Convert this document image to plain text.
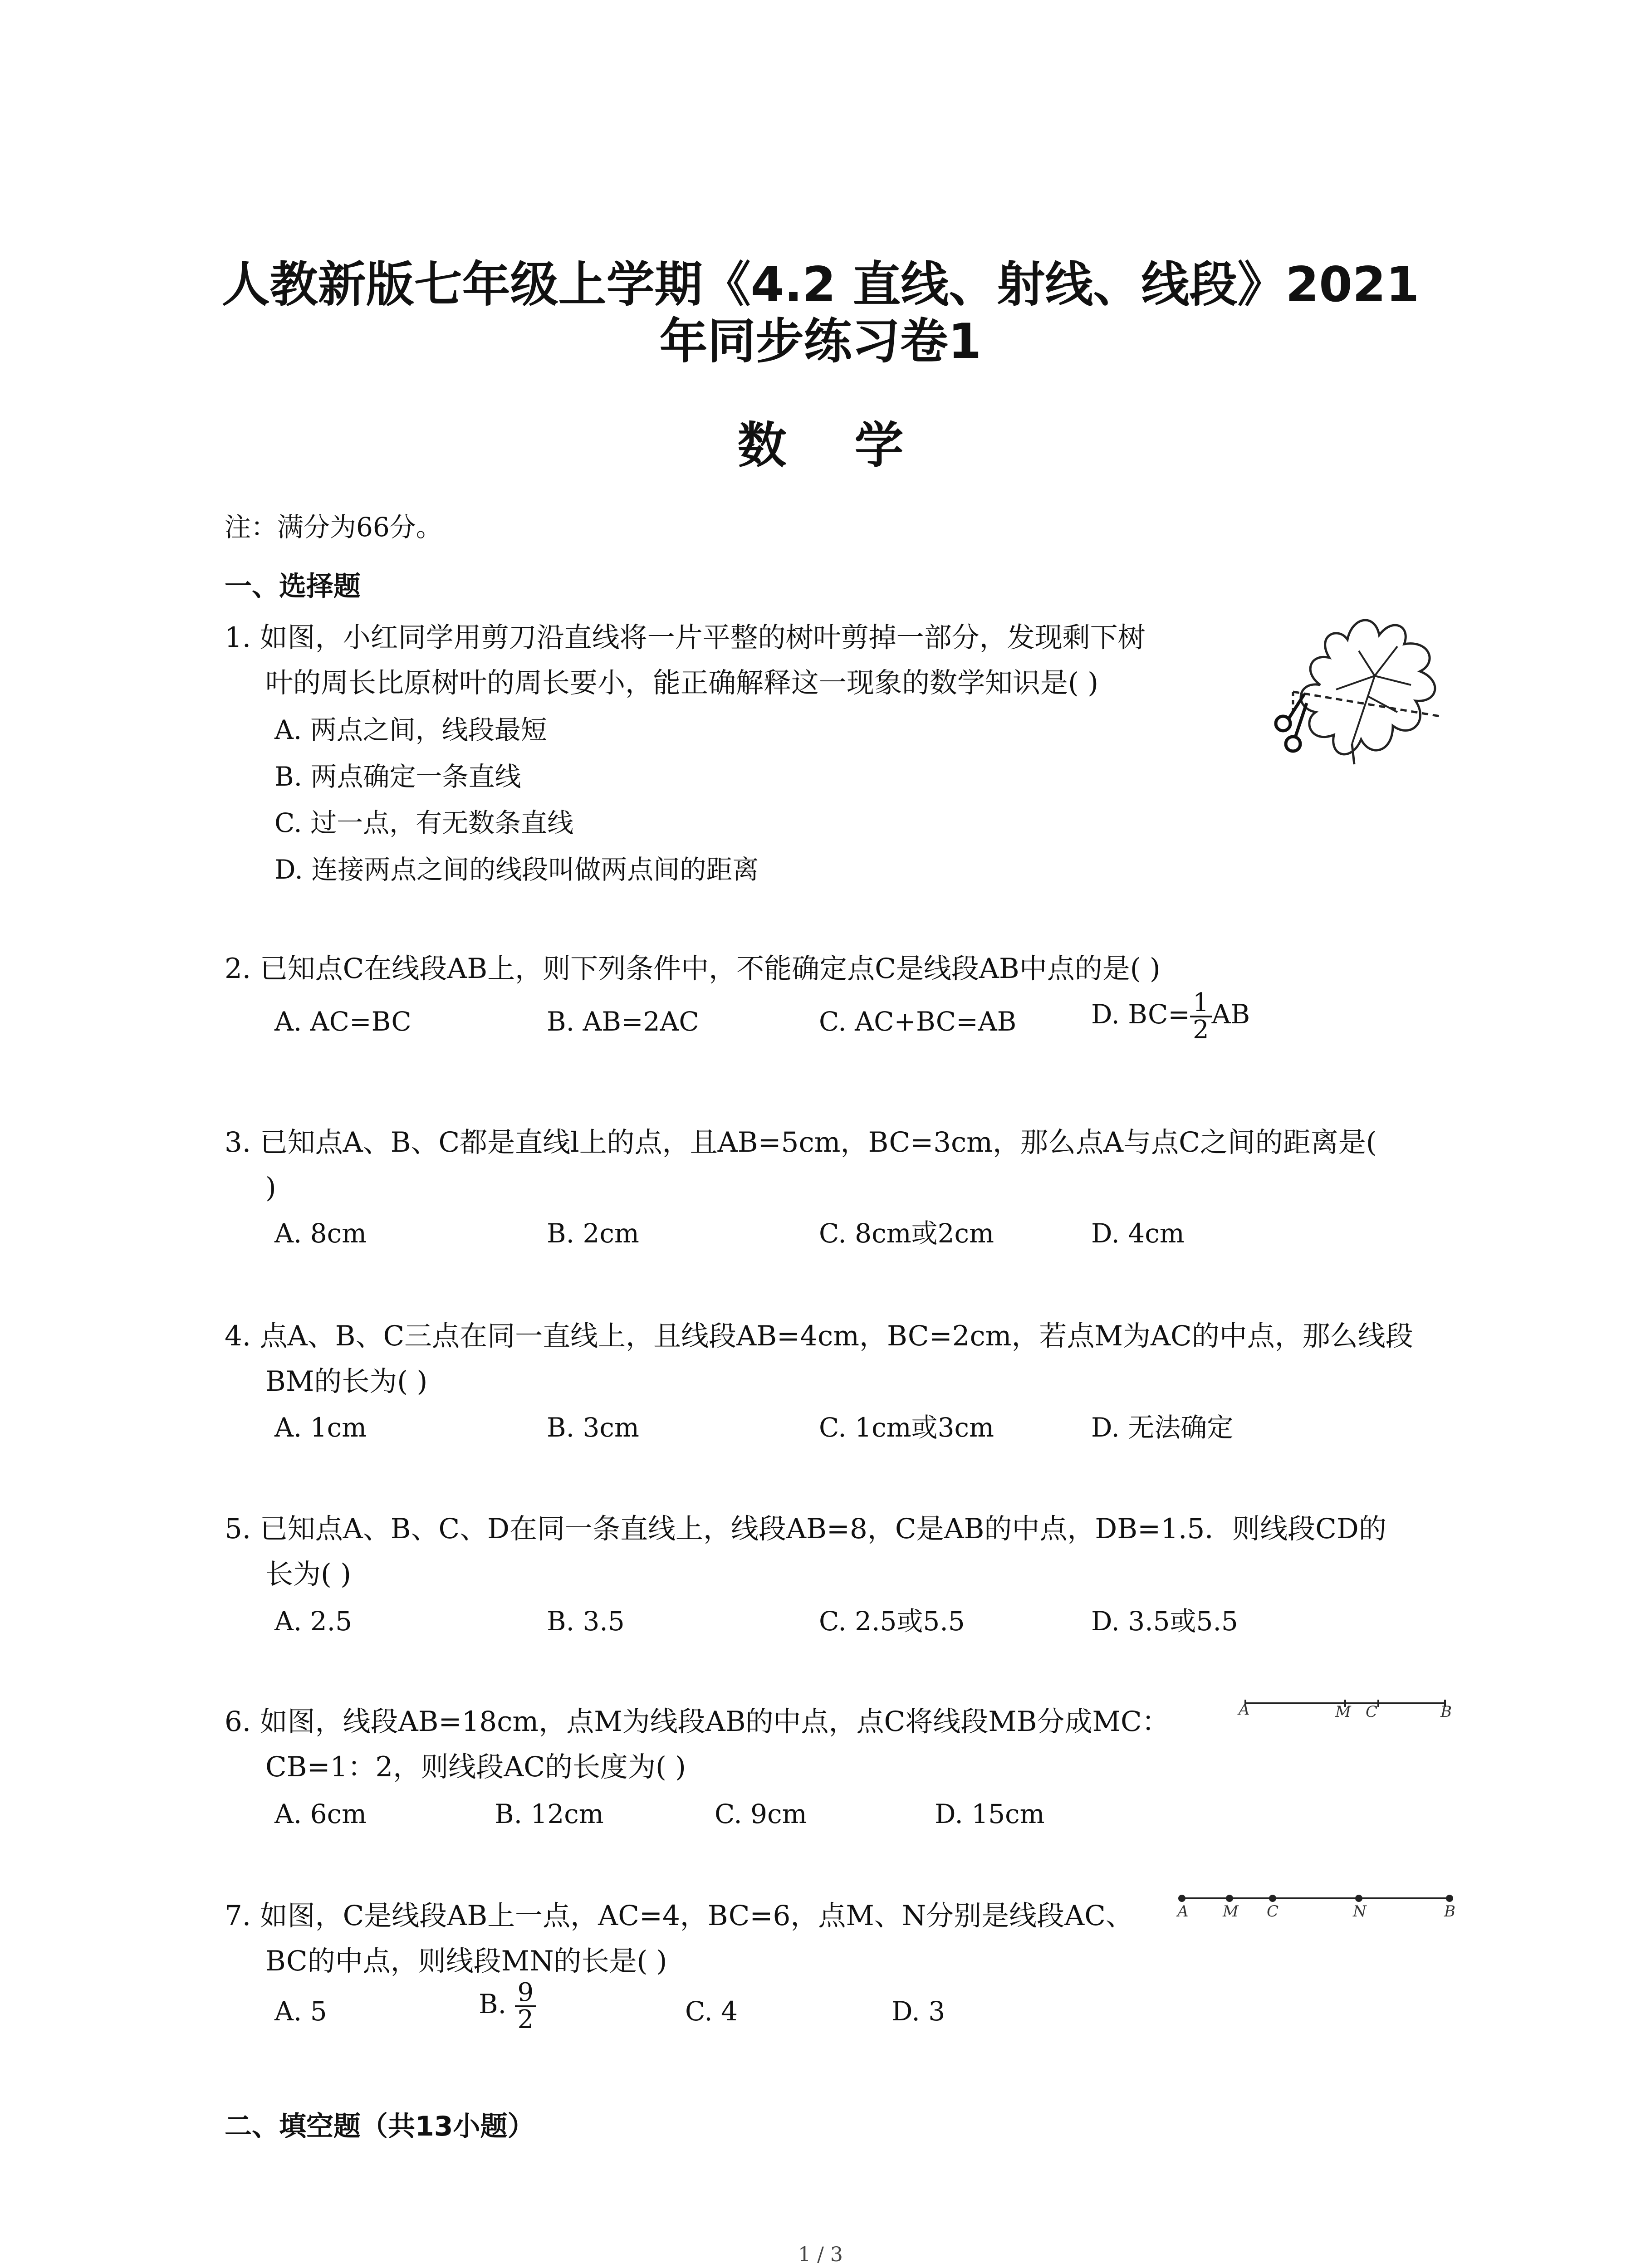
人教新版七年级上学期《4.2 直线、射线、线段》2021
年同步练习卷1
数学
注：满分为66分。
一、选择题
1. 如图，小红同学用剪刀沿直线将一片平整的树叶剪掉一部分，发现剩下树
叶的周长比原树叶的周长要小，能正确解释这一现象的数学知识是( )
A. 两点之间，线段最短
B. 两点确定一条直线
C. 过一点，有无数条直线
D. 连接两点之间的线段叫做两点间的距离
2. 已知点C在线段AB上，则下列条件中，不能确定点C是线段AB中点的是( )
A. AC=BC	B. AB=2AC	C. AC+BC=AB	D. $BC= \frac{1}{2}$ AB
3. 已知点A、B、C都是直线l上的点，且AB=5cm，BC=3cm，那么点A与点C之间的距离是(
)
A. 8cm	B. 2cm	C. 8cm或2cm	D. 4cm
4. 点A、B、C三点在同一直线上，且线段AB=4cm，BC=2cm，若点M为AC的中点，那么线段
BM的长为( )
A. 1cm	B. 3cm	C. 1cm或3cm	D. 无法确定
5. 已知点A、B、C、D在同一条直线上，线段AB=8，C是AB的中点，DB=1.5．则线段CD的
长为( )
A. 2.5	B. 3.5	C. 2.5或5.5	D. 3.5或5.5
6. 如图，线段AB=18cm，点M为线段AB的中点，点C将线段MB分成MC：
CB=1：2，则线段AC的长度为( )
A. 6cm	B. 12cm	C. 9cm	D. 15cm
A	M C	B
7. 如图，C是线段AB上一点，AC=4，BC=6，点M、N分别是线段AC、
BC的中点，则线段MN的长是( )
A. 5	B. $\frac{9}{2}$	C. 4	D. 3
A M C	N	B
二、填空题（共13小题）
1 / 3
